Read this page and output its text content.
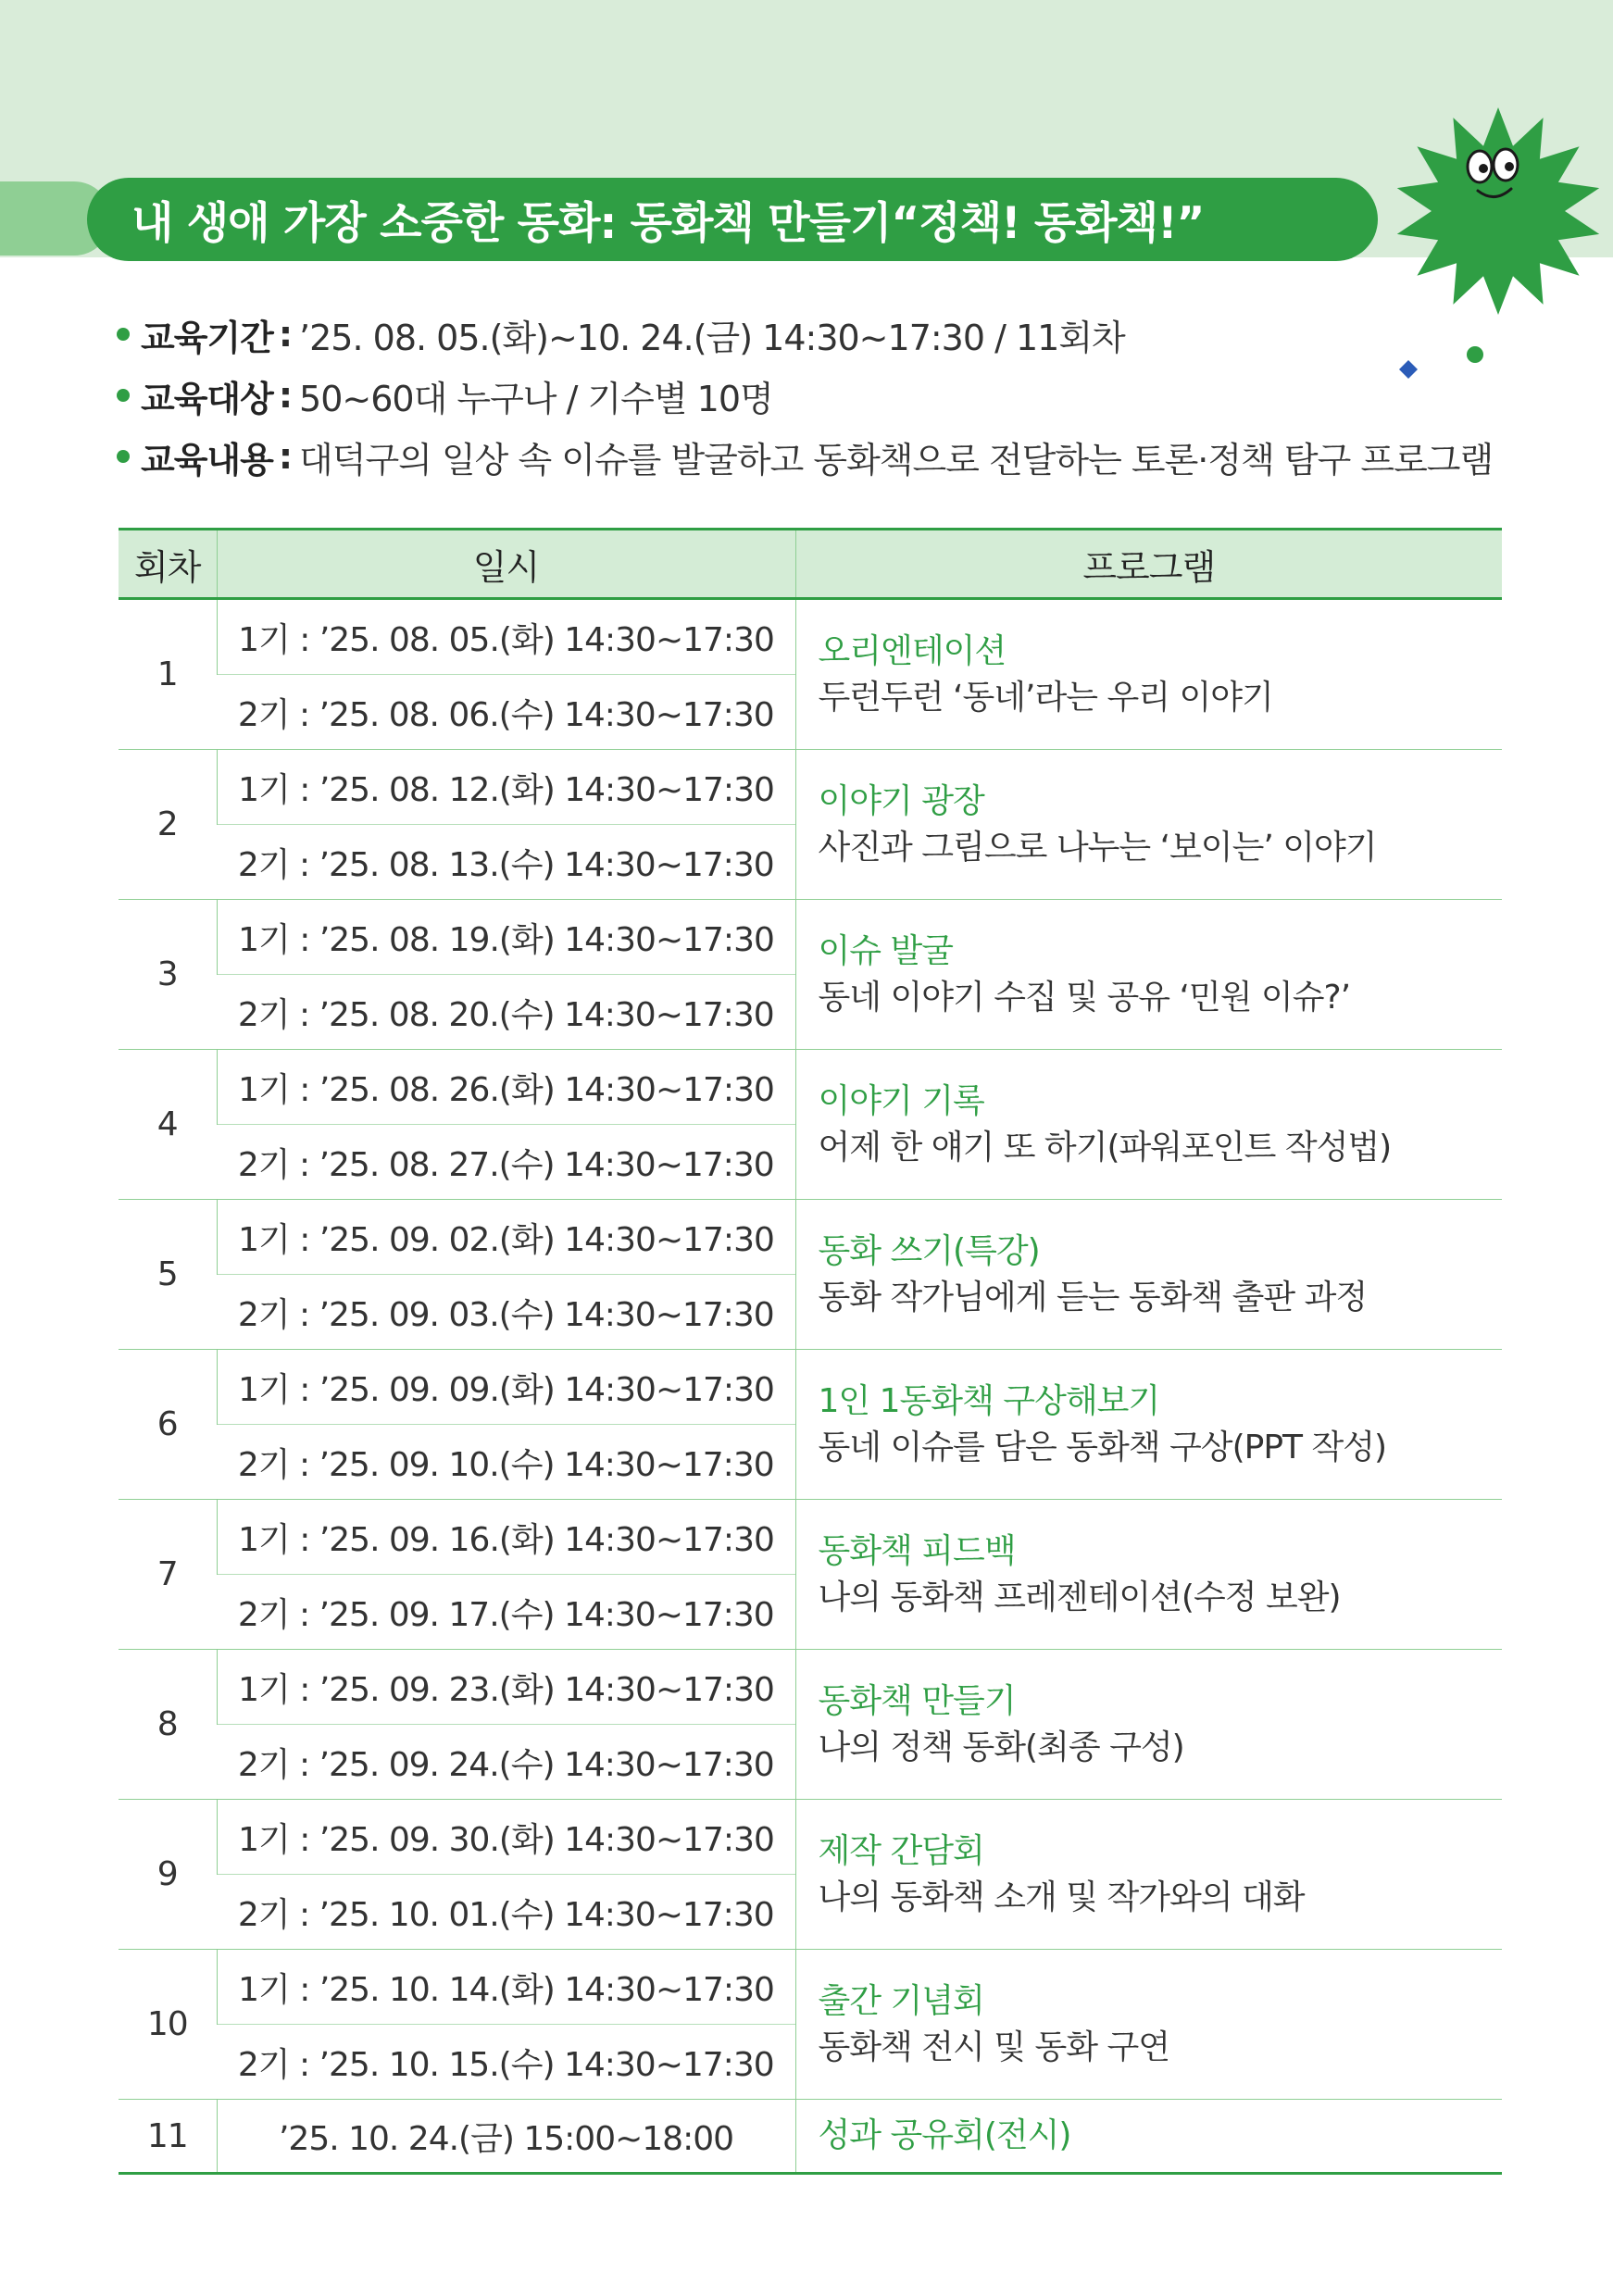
내 생애 가장 소중한 동화: 동화책 만들기“정책! 동화책!”
교육기간 : ’25. 08. 05.(화)~10. 24.(금) 14:30~17:30 / 11회차
교육대상 : 50~60대 누구나 / 기수별 10명
교육내용 : 대덕구의 일상 속 이슈를 발굴하고 동화책으로 전달하는 토론·정책 탐구 프로그램
회차	일시	프로그램
1	1기 : ’25. 08. 05.(화) 14:30~17:30	오리엔테이션
두런두런 ‘동네’라는 우리 이야기

	2기 : ’25. 08. 06.(수) 14:30~17:30	
2	1기 : ’25. 08. 12.(화) 14:30~17:30	이야기 광장
사진과 그림으로 나누는 ‘보이는’ 이야기

	2기 : ’25. 08. 13.(수) 14:30~17:30	
3	1기 : ’25. 08. 19.(화) 14:30~17:30	이슈 발굴
동네 이야기 수집 및 공유 ‘민원 이슈?’

	2기 : ’25. 08. 20.(수) 14:30~17:30	
4	1기 : ’25. 08. 26.(화) 14:30~17:30	이야기 기록
어제 한 얘기 또 하기(파워포인트 작성법)

	2기 : ’25. 08. 27.(수) 14:30~17:30	
5	1기 : ’25. 09. 02.(화) 14:30~17:30	동화 쓰기(특강)
동화 작가님에게 듣는 동화책 출판 과정

	2기 : ’25. 09. 03.(수) 14:30~17:30	
6	1기 : ’25. 09. 09.(화) 14:30~17:30	1인 1동화책 구상해보기
동네 이슈를 담은 동화책 구상(PPT 작성)

	2기 : ’25. 09. 10.(수) 14:30~17:30	
7	1기 : ’25. 09. 16.(화) 14:30~17:30	동화책 피드백
나의 동화책 프레젠테이션(수정 보완)

	2기 : ’25. 09. 17.(수) 14:30~17:30	
8	1기 : ’25. 09. 23.(화) 14:30~17:30	동화책 만들기
나의 정책 동화(최종 구성)

	2기 : ’25. 09. 24.(수) 14:30~17:30	
9	1기 : ’25. 09. 30.(화) 14:30~17:30	제작 간담회
나의 동화책 소개 및 작가와의 대화

	2기 : ’25. 10. 01.(수) 14:30~17:30	
10	1기 : ’25. 10. 14.(화) 14:30~17:30	출간 기념회
동화책 전시 및 동화 구연

	2기 : ’25. 10. 15.(수) 14:30~17:30	
11	’25. 10. 24.(금) 15:00~18:00	성과 공유회(전시)
